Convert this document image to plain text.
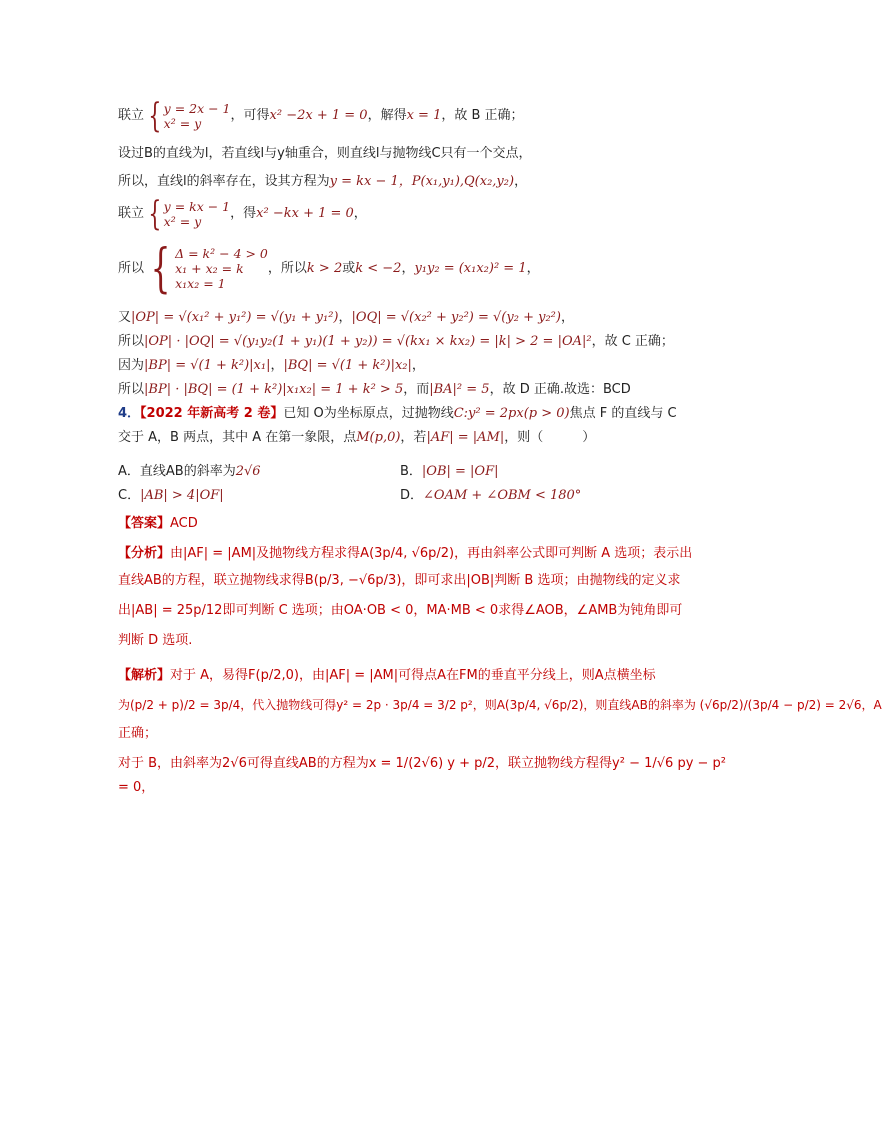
联立 { y = 2x − 1
x² = y	，可得x² −2x + 1 = 0，解得x = 1，故 B 正确；
设过B的直线为l，若直线l与y轴重合，则直线l与抛物线C只有一个交点，
所以，直线l的斜率存在，设其方程为y = kx − 1，P(x₁,y₁),Q(x₂,y₂)，
联立 { y = kx − 1
x² = y	，得x² −kx + 1 = 0，
所以 { Δ = k² − 4 > 0
x₁ + x₂ = k
x₁x₂ = 1
，所以k > 2或k < −2，y₁y₂ = (x₁x₂)² = 1，
又|OP| = √(x₁² + y₁²) = √(y₁ + y₁²)，|OQ| = √(x₂² + y₂²) = √(y₂ + y₂²)，
所以|OP| · |OQ| = √(y₁y₂(1 + y₁)(1 + y₂)) = √(kx₁ × kx₂) = |k| > 2 = |OA|²，故 C 正确；
因为|BP| = √(1 + k²)|x₁|，|BQ| = √(1 + k²)|x₂|，
所以|BP| · |BQ| = (1 + k²)|x₁x₂| = 1 + k² > 5，而|BA|² = 5，故 D 正确.故选：BCD
4．【2022 年新高考 2 卷】已知 O为坐标原点，过抛物线C:y² = 2px(p > 0)焦点 F 的直线与 C
交于 A，B 两点，其中 A 在第一象限，点M(p,0)，若|AF| = |AM|，则（　　　）
A．直线AB的斜率为2√6	B．|OB| = |OF|
C．|AB| > 4|OF|	D．∠OAM + ∠OBM < 180°
【答案】ACD
【分析】由|AF| = |AM|及抛物线方程求得A(3p/4, √6p/2)，再由斜率公式即可判断 A 选项；表示出
直线AB的方程，联立抛物线求得B(p/3, −√6p/3)，即可求出|OB|判断 B 选项；由抛物线的定义求
出|AB| = 25p/12即可判断 C 选项；由OA·OB < 0，MA·MB < 0求得∠AOB，∠AMB为钝角即可
判断 D 选项.
【解析】对于 A，易得F(p/2,0)，由|AF| = |AM|可得点A在FM的垂直平分线上，则A点横坐标
为(p/2 + p)/2 = 3p/4，代入抛物线可得y² = 2p · 3p/4 = 3/2 p²，则A(3p/4, √6p/2)，则直线AB的斜率为 (√6p/2)/(3p/4 − p/2) = 2√6，A
正确；
对于 B，由斜率为2√6可得直线AB的方程为x = 1/(2√6) y + p/2，联立抛物线方程得y² − 1/√6 py − p²
= 0，
